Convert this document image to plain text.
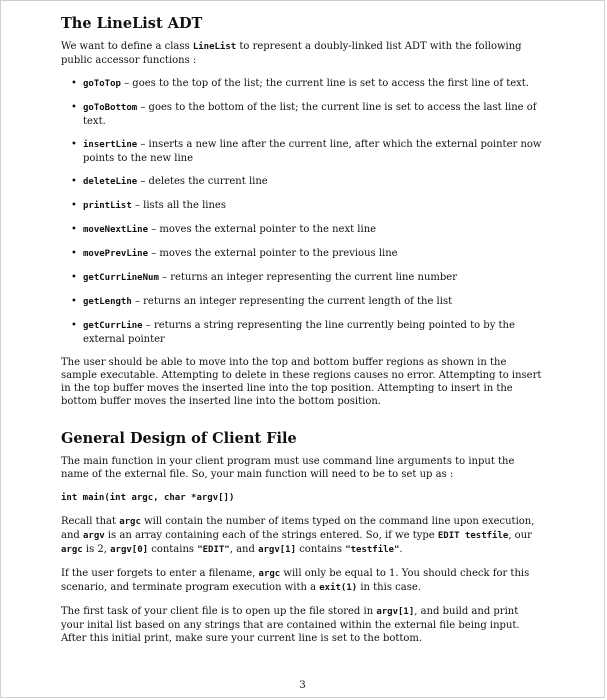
The LineList ADT

We want to define a class LineList to represent a doubly-linked list ADT with the following public accessor functions :

• goToTop – goes to the top of the list; the current line is set to access the first line of text.
• goToBottom – goes to the bottom of the list; the current line is set to access the last line of text.
• insertLine – inserts a new line after the current line, after which the external pointer now points to the new line
• deleteLine – deletes the current line
• printList – lists all the lines
• moveNextLine – moves the external pointer to the next line
• movePrevLine – moves the external pointer to the previous line
• getCurrLineNum – returns an integer representing the current line number
• getLength – returns an integer representing the current length of the list
• getCurrLine – returns a string representing the line currently being pointed to by the external pointer

The user should be able to move into the top and bottom buffer regions as shown in the sample executable. Attempting to delete in these regions causes no error. Attempting to insert in the top buffer moves the inserted line into the top position. Attempting to insert in the bottom buffer moves the inserted line into the bottom position.

General Design of Client File

The main function in your client program must use command line arguments to input the name of the external file. So, your main function will need to be to set up as :

int main(int argc, char *argv[])

Recall that argc will contain the number of items typed on the command line upon execution, and argv is an array containing each of the strings entered. So, if we type EDIT testfile, our argc is 2, argv[0] contains "EDIT", and argv[1] contains "testfile".

If the user forgets to enter a filename, argc will only be equal to 1. You should check for this scenario, and terminate program execution with a exit(1) in this case.

The first task of your client file is to open up the file stored in argv[1], and build and print your inital list based on any strings that are contained within the external file being input. After this initial print, make sure your current line is set to the bottom.

3
